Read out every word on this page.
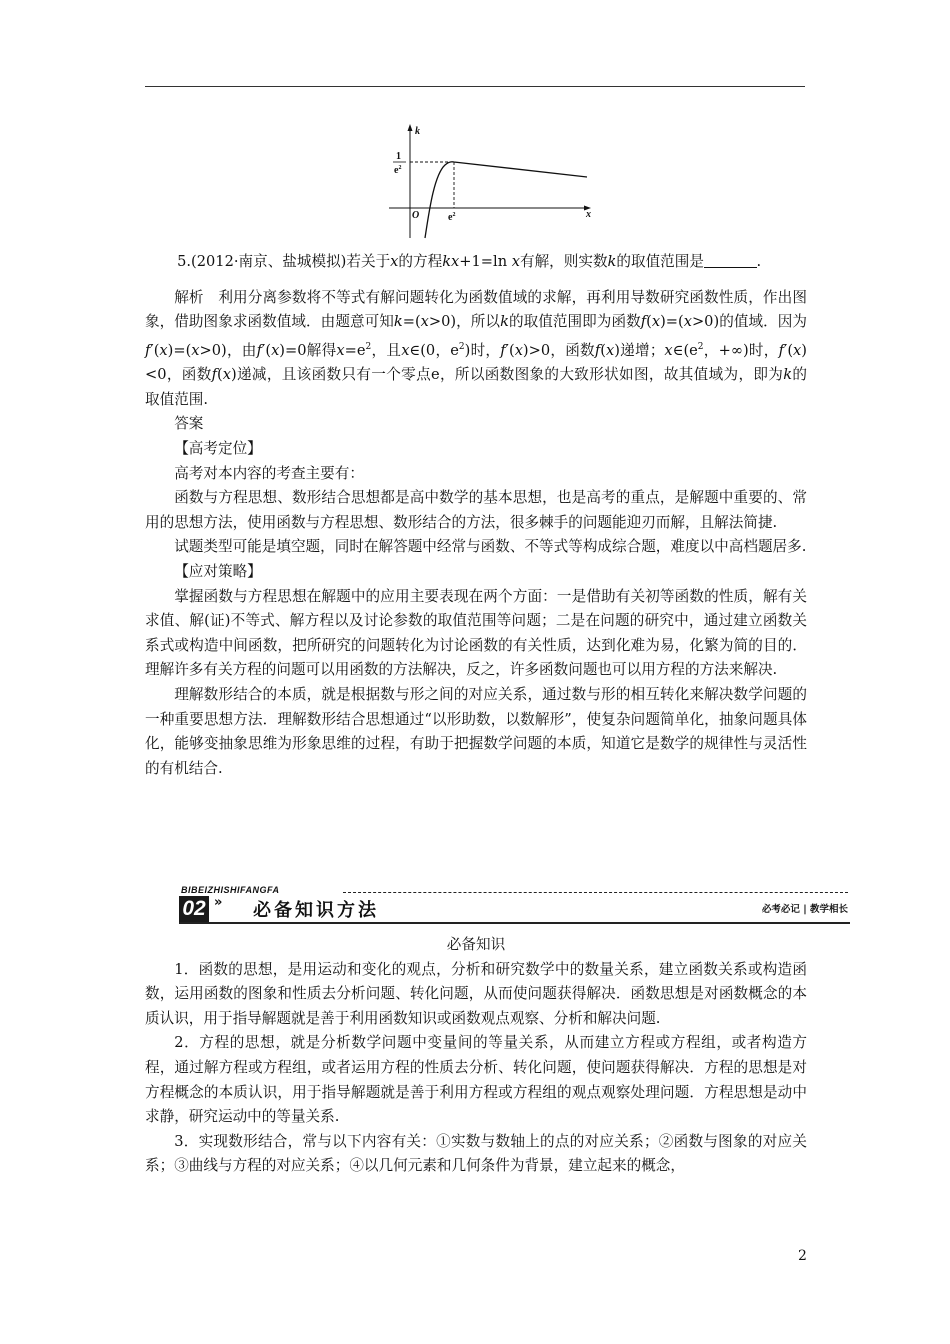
k
x
O
1
$e^2$
$e^2$

5.(2012·南京、盐城模拟)若关于x的方程kx+1=ln x有解，则实数k的取值范围是	.

解析　 利用分离参数将不等式有解问题转化为函数值域的求解，再利用导数研究函数性质，作出图象，借助图象求函数值域．由题意可知k=(x>0)，所以k的取值范围即为函数f(x)=(x>0)的值域．因为f′(x)=(x>0)，由f′(x)=0解得$x=e^2$，且x∈(0，$e^2$)时，f′(x)>0，函数f(x)递增；$x\in(e^2$，+∞)时，f′(x)<0，函数f(x)递减，且该函数只有一个零点e，所以函数图象的大致形状如图，故其值域为，即为k的取值范围.

答案

【高考定位】

高考对本内容的考查主要有：

函数与方程思想、数形结合思想都是高中数学的基本思想，也是高考的重点，是解题中重要的、常用的思想方法，使用函数与方程思想、数形结合的方法，很多棘手的问题能迎刃而解，且解法简捷.

试题类型可能是填空题，同时在解答题中经常与函数、不等式等构成综合题，难度以中高档题居多.

【应对策略】

掌握函数与方程思想在解题中的应用主要表现在两个方面：一是借助有关初等函数的性质，解有关求值、解(证)不等式、解方程以及讨论参数的取值范围等问题；二是在问题的研究中，通过建立函数关系式或构造中间函数，把所研究的问题转化为讨论函数的有关性质，达到化难为易，化繁为简的目的．理解许多有关方程的问题可以用函数的方法解决，反之，许多函数问题也可以用方程的方法来解决.

理解数形结合的本质，就是根据数与形之间的对应关系，通过数与形的相互转化来解决数学问题的一种重要思想方法．理解数形结合思想通过“以形助数，以数解形”，使复杂问题简单化，抽象问题具体化，能够变抽象思维为形象思维的过程，有助于把握数学问题的本质，知道它是数学的规律性与灵活性的有机结合.

BIBEIZHISHIFANGFA
02 » 必备知识方法	必考必记 | 教学相长

必备知识

1．函数的思想，是用运动和变化的观点，分析和研究数学中的数量关系，建立函数关系或构造函数，运用函数的图象和性质去分析问题、转化问题，从而使问题获得解决．函数思想是对函数概念的本质认识，用于指导解题就是善于利用函数知识或函数观点观察、分析和解决问题.

2．方程的思想，就是分析数学问题中变量间的等量关系，从而建立方程或方程组，或者构造方程，通过解方程或方程组，或者运用方程的性质去分析、转化问题，使问题获得解决．方程的思想是对方程概念的本质认识，用于指导解题就是善于利用方程或方程组的观点观察处理问题．方程思想是动中求静，研究运动中的等量关系.

3．实现数形结合，常与以下内容有关：①实数与数轴上的点的对应关系；②函数与图象的对应关系；③曲线与方程的对应关系；④以几何元素和几何条件为背景，建立起来的概念，

2
